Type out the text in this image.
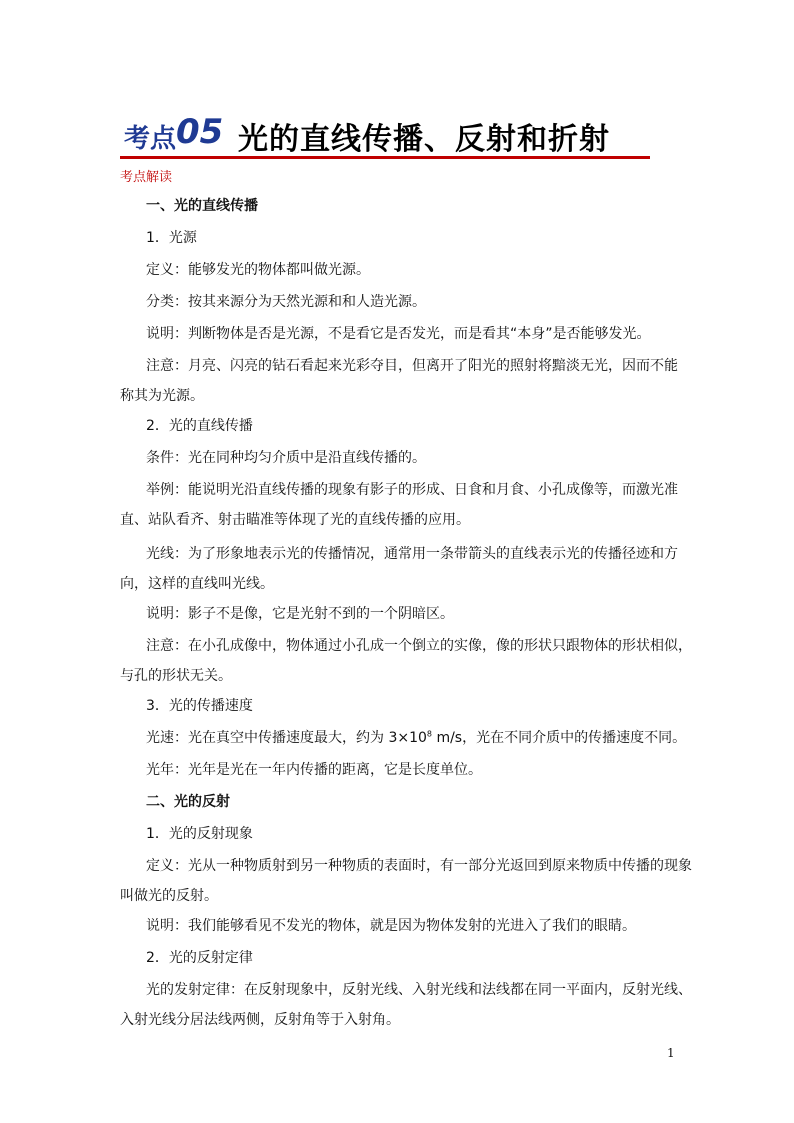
考点 05 光的直线传播、反射和折射
考点解读
一、光的直线传播
1．光源
定义：能够发光的物体都叫做光源。
分类：按其来源分为天然光源和和人造光源。
说明：判断物体是否是光源，不是看它是否发光，而是看其“本身”是否能够发光。
注意：月亮、闪亮的钻石看起来光彩夺目，但离开了阳光的照射将黯淡无光，因而不能
称其为光源。
2．光的直线传播
条件：光在同种均匀介质中是沿直线传播的。
举例：能说明光沿直线传播的现象有影子的形成、日食和月食、小孔成像等，而激光准
直、站队看齐、射击瞄准等体现了光的直线传播的应用。
光线：为了形象地表示光的传播情况，通常用一条带箭头的直线表示光的传播径迹和方
向，这样的直线叫光线。
说明：影子不是像，它是光射不到的一个阴暗区。
注意：在小孔成像中，物体通过小孔成一个倒立的实像，像的形状只跟物体的形状相似，
与孔的形状无关。
3．光的传播速度
光速：光在真空中传播速度最大，约为 $3\times 10^8$ m/s，光在不同介质中的传播速度不同。
光年：光年是光在一年内传播的距离，它是长度单位。
二、光的反射
1．光的反射现象
定义：光从一种物质射到另一种物质的表面时，有一部分光返回到原来物质中传播的现象
叫做光的反射。
说明：我们能够看见不发光的物体，就是因为物体发射的光进入了我们的眼睛。
2．光的反射定律
光的发射定律：在反射现象中，反射光线、入射光线和法线都在同一平面内，反射光线、
入射光线分居法线两侧，反射角等于入射角。
1
